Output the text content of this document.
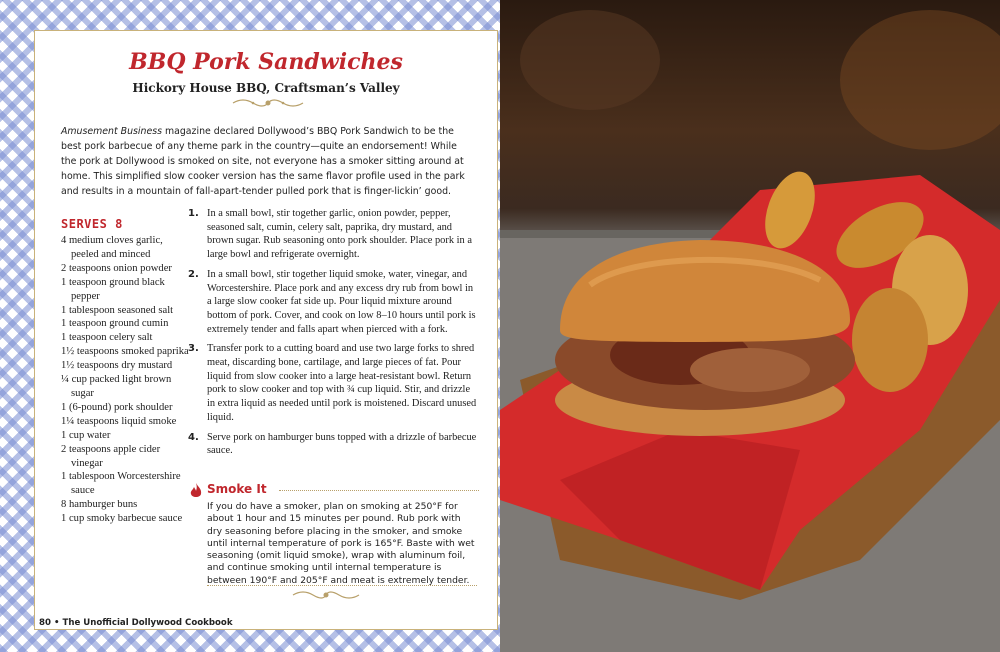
BBQ Pork Sandwiches
Hickory House BBQ, Craftsman’s Valley
Amusement Business magazine declared Dollywood’s BBQ Pork Sandwich to be the best pork barbecue of any theme park in the country—quite an endorsement! While the pork at Dollywood is smoked on site, not everyone has a smoker sitting around at home. This simplified slow cooker version has the same flavor profile used in the park and results in a mountain of fall-apart-tender pulled pork that is finger-lickin’ good.
SERVES 8
4 medium cloves garlic, peeled and minced
2 teaspoons onion powder
1 teaspoon ground black pepper
1 tablespoon seasoned salt
1 teaspoon ground cumin
1 teaspoon celery salt
1½ teaspoons smoked paprika
1½ teaspoons dry mustard
¼ cup packed light brown sugar
1 (6-pound) pork shoulder
1¼ teaspoons liquid smoke
1 cup water
2 teaspoons apple cider vinegar
1 tablespoon Worcestershire sauce
8 hamburger buns
1 cup smoky barbecue sauce
1. In a small bowl, stir together garlic, onion powder, pepper, seasoned salt, cumin, celery salt, paprika, dry mustard, and brown sugar. Rub seasoning onto pork shoulder. Place pork in a large bowl and refrigerate overnight.
2. In a small bowl, stir together liquid smoke, water, vinegar, and Worcestershire. Place pork and any excess dry rub from bowl in a large slow cooker fat side up. Pour liquid mixture around bottom of pork. Cover, and cook on low 8–10 hours until pork is extremely tender and falls apart when pierced with a fork.
3. Transfer pork to a cutting board and use two large forks to shred meat, discarding bone, cartilage, and large pieces of fat. Pour liquid from slow cooker into a large heat-resistant bowl. Return pork to slow cooker and top with ¾ cup liquid. Stir, and drizzle in extra liquid as needed until pork is moistened. Discard unused liquid.
4. Serve pork on hamburger buns topped with a drizzle of barbecue sauce.
Smoke It
If you do have a smoker, plan on smoking at 250°F for about 1 hour and 15 minutes per pound. Rub pork with dry seasoning before placing in the smoker, and smoke until internal temperature of pork is 165°F. Baste with wet seasoning (omit liquid smoke), wrap with aluminum foil, and continue smoking until internal temperature is between 190°F and 205°F and meat is extremely tender.
80 • The Unofficial Dollywood Cookbook
